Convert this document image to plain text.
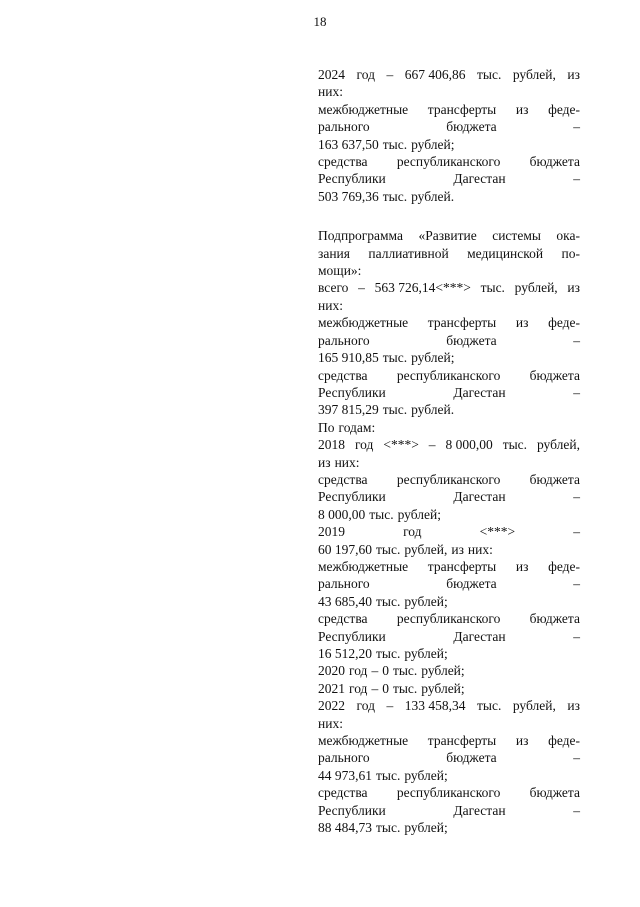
18
2024 год – 667 406,86 тыс. рублей, из
них:
межбюджетные трансферты из феде-
рального	бюджета	–
163 637,50 тыс. рублей;
средства республиканского бюджета
Республики	Дагестан	–
503 769,36 тыс. рублей.
Подпрограмма «Развитие системы ока-
зания паллиативной медицинской по-
мощи»:
всего – 563 726,14<***> тыс. рублей, из
них:
межбюджетные трансферты из феде-
рального	бюджета	–
165 910,85 тыс. рублей;
средства республиканского бюджета
Республики	Дагестан	–
397 815,29 тыс. рублей.
По годам:
2018 год <***> – 8 000,00 тыс. рублей,
из них:
средства республиканского бюджета
Республики	Дагестан	–
8 000,00 тыс. рублей;
2019	год	<***>	–
60 197,60 тыс. рублей, из них:
межбюджетные трансферты из феде-
рального	бюджета	–
43 685,40 тыс. рублей;
средства республиканского бюджета
Республики	Дагестан	–
16 512,20 тыс. рублей;
2020 год – 0 тыс. рублей;
2021 год – 0 тыс. рублей;
2022 год – 133 458,34 тыс. рублей, из
них:
межбюджетные трансферты из феде-
рального	бюджета	–
44 973,61 тыс. рублей;
средства республиканского бюджета
Республики	Дагестан	–
88 484,73 тыс. рублей;
